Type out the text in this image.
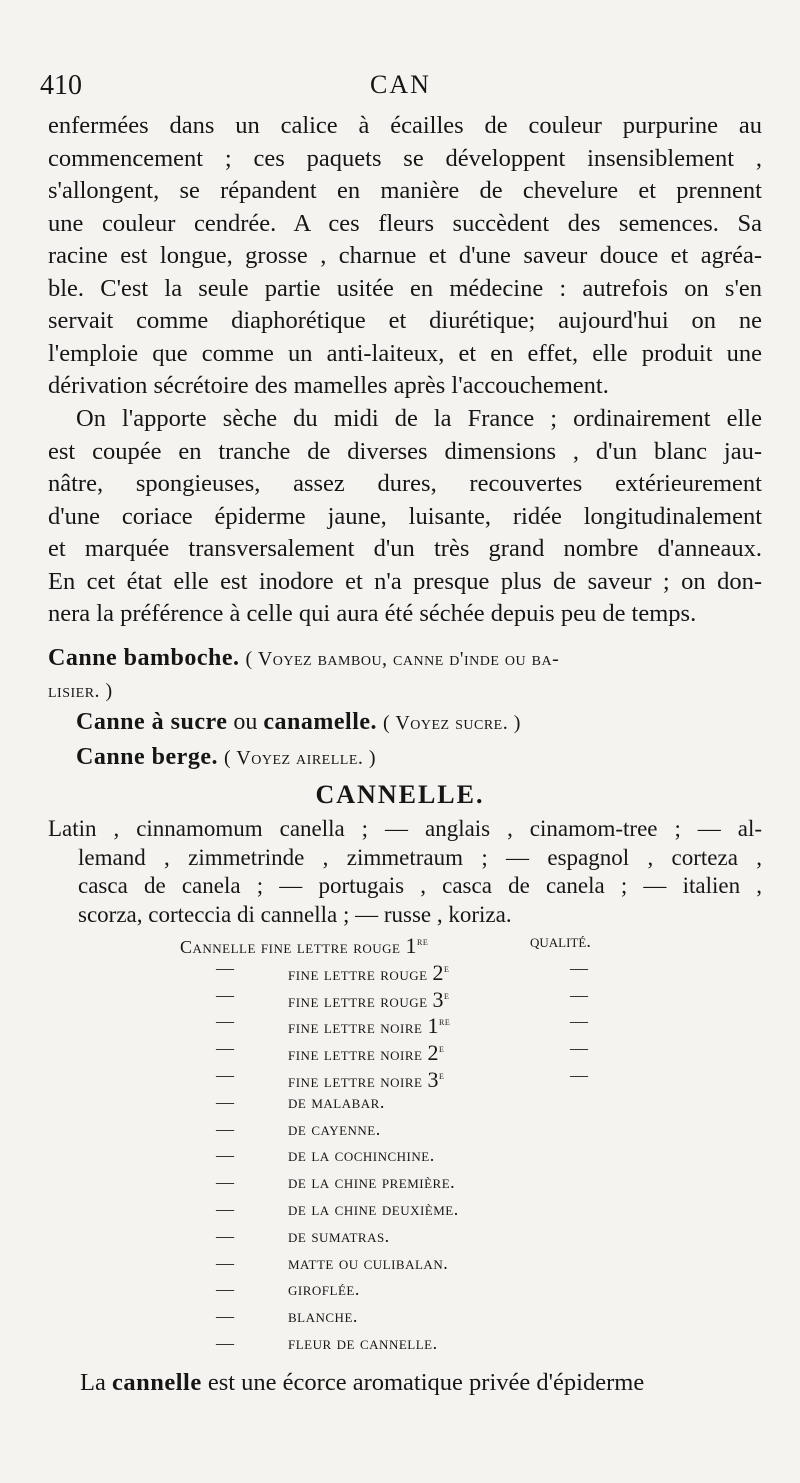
410	CAN
enfermées dans un calice à écailles de couleur purpurine au
commencement ; ces paquets se développent insensiblement ,
s'allongent, se répandent en manière de chevelure et prennent
une couleur cendrée. A ces fleurs succèdent des semences. Sa
racine est longue, grosse , charnue et d'une saveur douce et agréa-
ble. C'est la seule partie usitée en médecine : autrefois on s'en
servait comme diaphorétique et diurétique; aujourd'hui on ne
l'emploie que comme un anti-laiteux, et en effet, elle produit une
dérivation sécrétoire des mamelles après l'accouchement.
On l'apporte sèche du midi de la France ; ordinairement elle
est coupée en tranche de diverses dimensions , d'un blanc jau-
nâtre, spongieuses, assez dures, recouvertes extérieurement
d'une coriace épiderme jaune, luisante, ridée longitudinalement
et marquée transversalement d'un très grand nombre d'anneaux.
En cet état elle est inodore et n'a presque plus de saveur ; on don-
nera la préférence à celle qui aura été séchée depuis peu de temps.
Canne bamboche. ( Voyez bambou, canne d'inde ou ba-
lisier. )
Canne à sucre ou canamelle. ( Voyez sucre. )
Canne berge. ( Voyez airelle. )
CANNELLE.
Latin , cinnamomum canella ; — anglais , cinamom-tree ; — al-
lemand , zimmetrinde , zimmetraum ; — espagnol , corteza ,
casca de canela ; — portugais , casca de canela ; — italien ,
scorza, corteccia di cannella ; — russe , koriza.
Cannelle fine lettre rouge 1re	qualité.
—	fine lettre rouge 2e	—
—	fine lettre rouge 3e	—
—	fine lettre noire 1re	—
—	fine lettre noire 2e	—
—	fine lettre noire 3e	—
—	de malabar.
—	de cayenne.
—	de la cochinchine.
—	de la chine première.
—	de la chine deuxième.
—	de sumatras.
—	matte ou culibalan.
—	giroflée.
—	blanche.
—	fleur de cannelle.
La cannelle est une écorce aromatique privée d'épiderme
